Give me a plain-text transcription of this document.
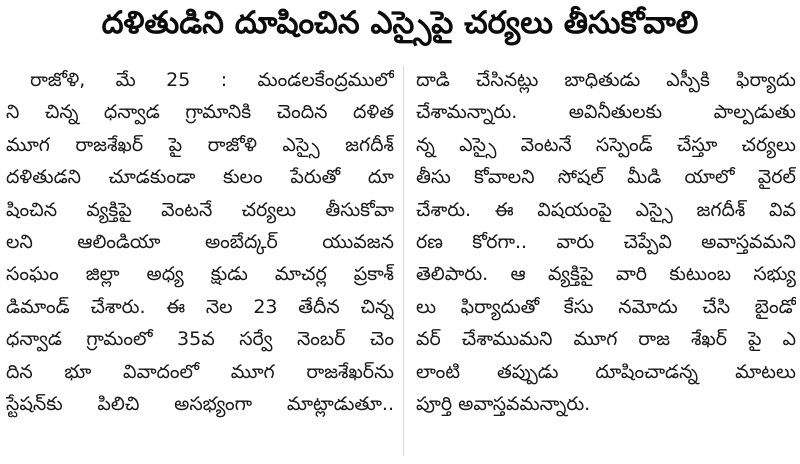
దళితుడిని దూషించిన ఎస్సైపై చర్యలు తీసుకోవాలి
రాజోళి, మే 25 : మండలకేంద్రములో
ని చిన్న ధన్వాడ గ్రామానికి చెందిన దళిత
మూగ రాజశేఖర్ పై రాజోళి ఎస్సై జగదీశ్
దళితుడని చూడకుండా కులం పేరుతో దూ
షించిన వ్యక్తిపై వెంటనే చర్యలు తీసుకోవా
లని ఆలిండియా అంబేద్కర్ యువజన
సంఘం జిల్లా అధ్య క్షుడు మాచర్ల ప్రకాశ్
డిమాండ్ చేశారు. ఈ నెల 23 తేదీన చిన్న
ధన్వాడ గ్రామంలో 35వ సర్వే నెంబర్ చెం
దిన భూ వివాదంలో మూగ రాజశేఖర్‌ను
స్టేషన్‌కు పిలిచి అసభ్యంగా మాట్లాడుతూ..
దాడి చేసినట్లు బాధితుడు ఎస్పీకి ఫిర్యాదు
చేశామన్నారు. అవినీతులకు పాల్పడుతు
న్న ఎస్సై వెంటనే సస్పెండ్ చేస్తూ చర్యలు
తీసు కోవాలని సోషల్ మీడి యాలో వైరల్
చేశారు. ఈ విషయంపై ఎస్సై జగదీశ్ వివ
రణ కోరగా.. వారు చెప్పేవి అవాస్తవమని
తెలిపారు. ఆ వ్యక్తిపై వారి కుటుంబ సభ్యు
లు ఫిర్యాదుతో కేసు నమోదు చేసి బైండో
వర్ చేశాముమని మూగ రాజ శేఖర్ పై ఎ
లాంటి తప్పుడు దూషించాడన్న మాటలు
పూర్తి అవాస్తవమన్నారు.
